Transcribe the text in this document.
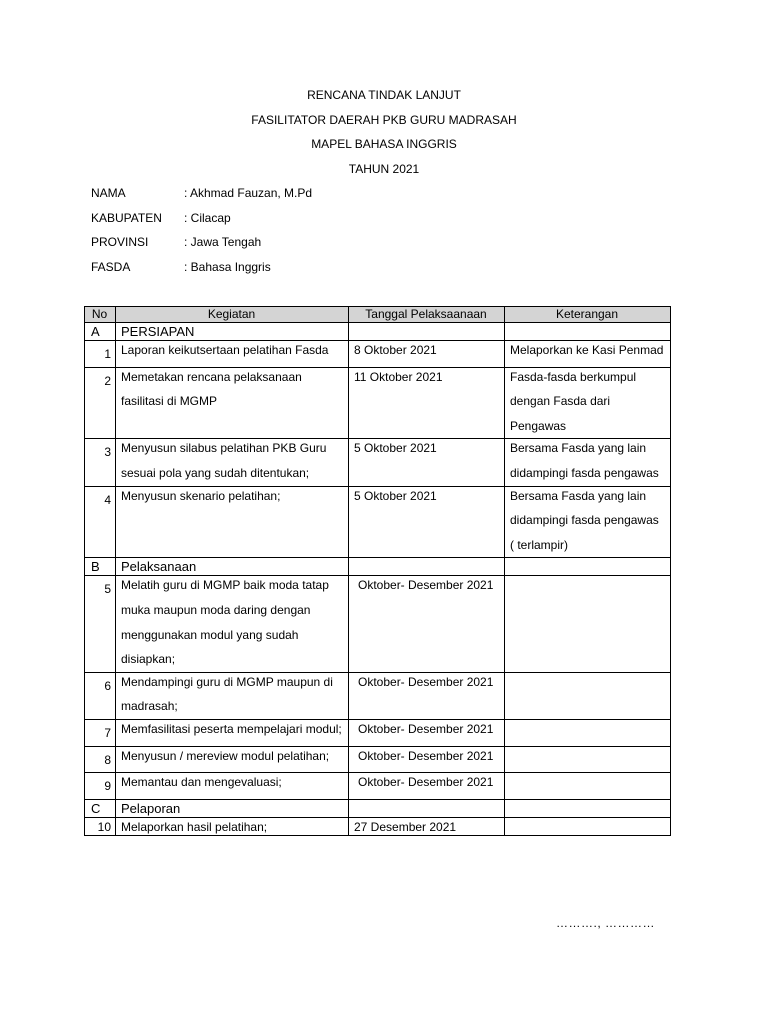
RENCANA TINDAK LANJUT
FASILITATOR DAERAH PKB GURU MADRASAH
MAPEL BAHASA INGGRIS
TAHUN 2021
NAMA	: Akhmad Fauzan, M.Pd
KABUPATEN	: Cilacap
PROVINSI	: Jawa Tengah
FASDA	: Bahasa Inggris
No	Kegiatan	Tanggal Pelaksaanaan	Keterangan
A	PERSIAPAN		
1	Laporan keikutsertaan pelatihan Fasda	8 Oktober 2021	Melaporkan ke Kasi Penmad

2	Memetakan rencana pelaksanaan fasilitasi di MGMP	11 Oktober 2021	Fasda-fasda berkumpul dengan Fasda dari Pengawas

3	Menyusun silabus pelatihan PKB Guru sesuai pola yang sudah ditentukan;	5 Oktober 2021	Bersama Fasda yang lain didampingi fasda pengawas

4	Menyusun skenario pelatihan;	5 Oktober 2021	Bersama Fasda yang lain didampingi fasda pengawas ( terlampir)

B	Pelaksanaan		
5	Melatih guru di MGMP baik moda tatap muka maupun moda daring dengan menggunakan modul yang sudah disiapkan;	Oktober- Desember 2021	

6	Mendampingi guru di MGMP maupun di madrasah;	Oktober- Desember 2021	

7	Memfasilitasi peserta mempelajari modul;	Oktober- Desember 2021	

8	Menyusun / mereview modul pelatihan;	Oktober- Desember 2021	

9	Memantau dan mengevaluasi;	Oktober- Desember 2021	

C	Pelaporan		
10	Melaporkan hasil pelatihan;	27 Desember 2021	
………., …………
